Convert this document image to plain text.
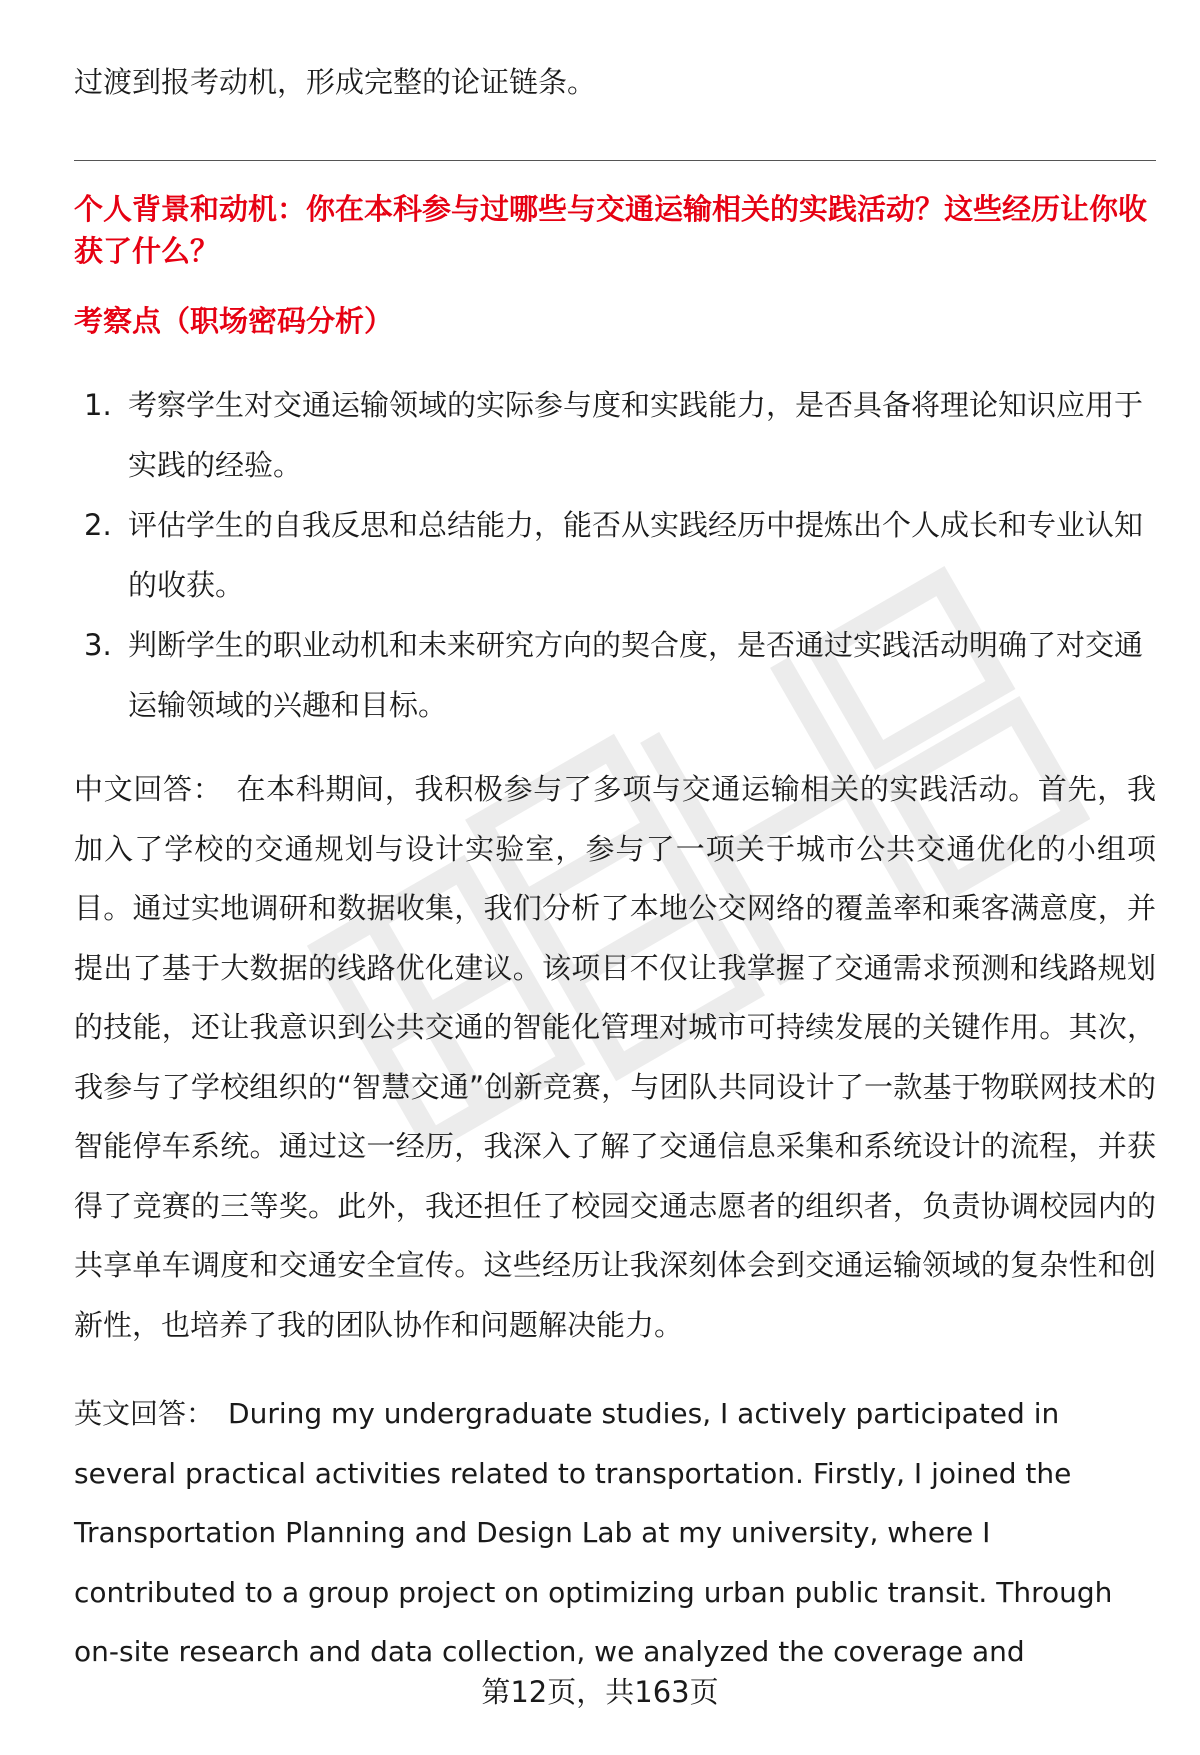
过渡到报考动机，形成完整的论证链条。

个人背景和动机：你在本科参与过哪些与交通运输相关的实践活动？这些经历让你收获了什么？

考察点（职场密码分析）

1. 考察学生对交通运输领域的实际参与度和实践能力，是否具备将理论知识应用于实践的经验。
2. 评估学生的自我反思和总结能力，能否从实践经历中提炼出个人成长和专业认知的收获。
3. 判断学生的职业动机和未来研究方向的契合度，是否通过实践活动明确了对交通运输领域的兴趣和目标。

中文回答： 在本科期间，我积极参与了多项与交通运输相关的实践活动。首先，我加入了学校的交通规划与设计实验室，参与了一项关于城市公共交通优化的小组项目。通过实地调研和数据收集，我们分析了本地公交网络的覆盖率和乘客满意度，并提出了基于大数据的线路优化建议。该项目不仅让我掌握了交通需求预测和线路规划的技能，还让我意识到公共交通的智能化管理对城市可持续发展的关键作用。其次，我参与了学校组织的“智慧交通”创新竞赛，与团队共同设计了一款基于物联网技术的智能停车系统。通过这一经历，我深入了解了交通信息采集和系统设计的流程，并获得了竞赛的三等奖。此外，我还担任了校园交通志愿者的组织者，负责协调校园内的共享单车调度和交通安全宣传。这些经历让我深刻体会到交通运输领域的复杂性和创新性，也培养了我的团队协作和问题解决能力。

英文回答： During my undergraduate studies, I actively participated in several practical activities related to transportation. Firstly, I joined the Transportation Planning and Design Lab at my university, where I contributed to a group project on optimizing urban public transit. Through on-site research and data collection, we analyzed the coverage and

第12页，共163页
